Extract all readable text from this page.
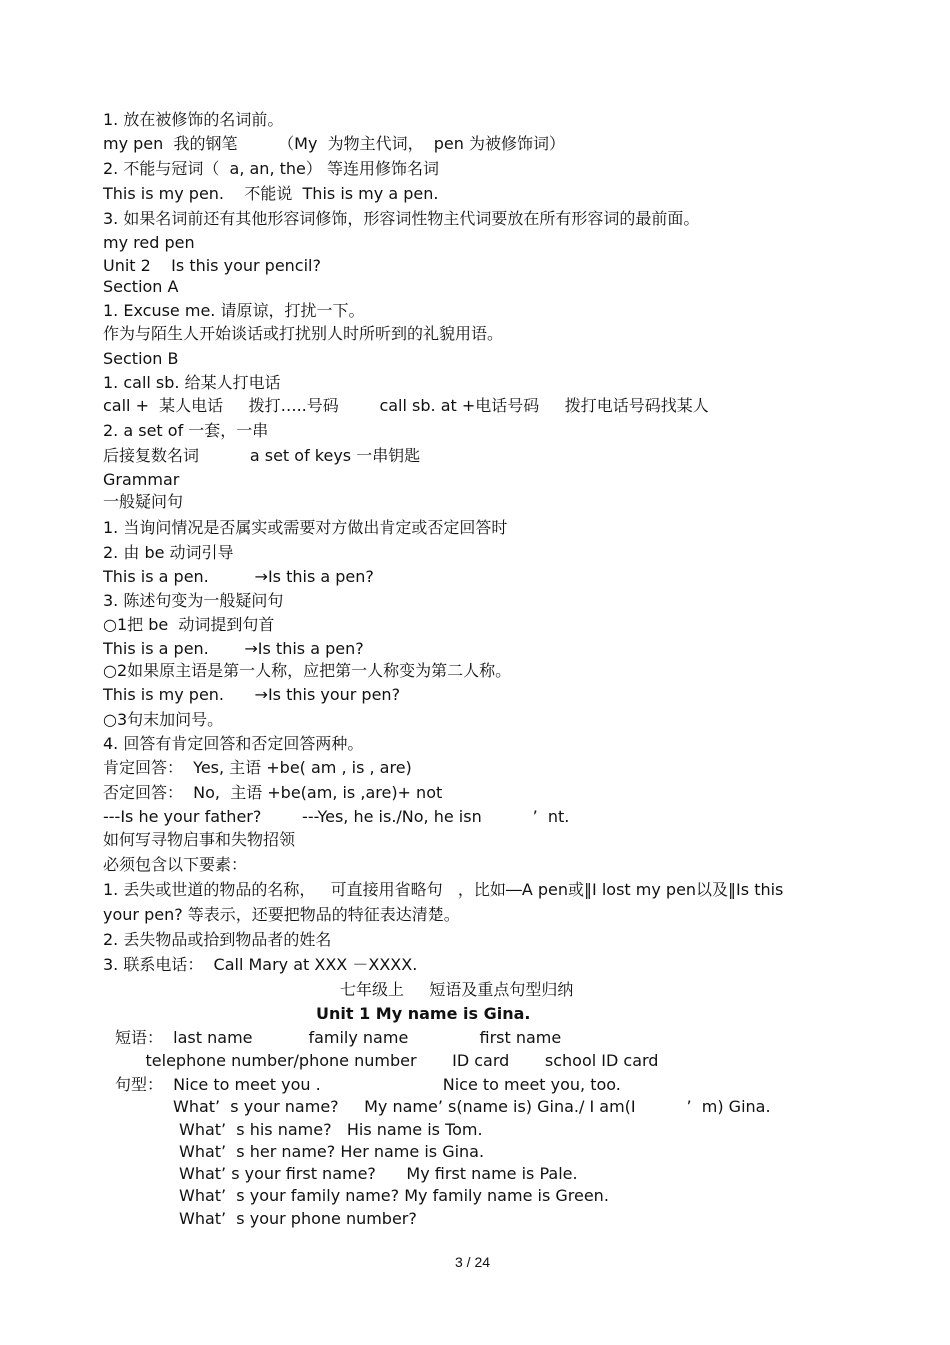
1. 放在被修饰的名词前。
my pen  我的钢笔        （My  为物主代词，  pen 为被修饰词）
2. 不能与冠词（  a, an, the） 等连用修饰名词
This is my pen.    不能说  This is my a pen.
3. 如果名词前还有其他形容词修饰，形容词性物主代词要放在所有形容词的最前面。
my red pen
Unit 2    Is this your pencil?
Section A
1. Excuse me. 请原谅，打扰一下。
作为与陌生人开始谈话或打扰别人时所听到的礼貌用语。
Section B
1. call sb. 给某人打电话
call +  某人电话     拨打…..号码        call sb. at +电话号码     拨打电话号码找某人
2. a set of 一套，一串
后接复数名词          a set of keys 一串钥匙
Grammar
一般疑问句
1. 当询问情况是否属实或需要对方做出肯定或否定回答时
2. 由 be 动词引导
This is a pen.         →Is this a pen?
3. 陈述句变为一般疑问句
○1把 be  动词提到句首
This is a pen.       →Is this a pen?
○2如果原主语是第一人称，应把第一人称变为第二人称。
This is my pen.      →Is this your pen?
○3句末加问号。
4. 回答有肯定回答和否定回答两种。
肯定回答：  Yes, 主语 +be( am , is , are)
否定回答：  No,  主语 +be(am, is ,are)+ not
---Is he your father?        ---Yes, he is./No, he isn          ’  nt.
如何写寻物启事和失物招领
必须包含以下要素：
1. 丢失或世道的物品的名称，   可直接用省略句   ，比如―A pen或‖I lost my pen以及‖Is this
your pen? 等表示，还要把物品的特征表达清楚。
2. 丢失物品或拾到物品者的姓名
3. 联系电话：  Call Mary at XXX －XXXX.
七年级上     短语及重点句型归纳
Unit 1 My name is Gina.
短语：  last name           family name              first name
telephone number/phone number       ID card       school ID card
句型：  Nice to meet you .                        Nice to meet you, too.
What’  s your name?     My name’ s(name is) Gina./ I am(I          ’  m) Gina.
What’  s his name?   His name is Tom.
What’  s her name? Her name is Gina.
What’ s your first name?      My first name is Pale.
What’  s your family name? My family name is Green.
What’  s your phone number?
3 / 24
